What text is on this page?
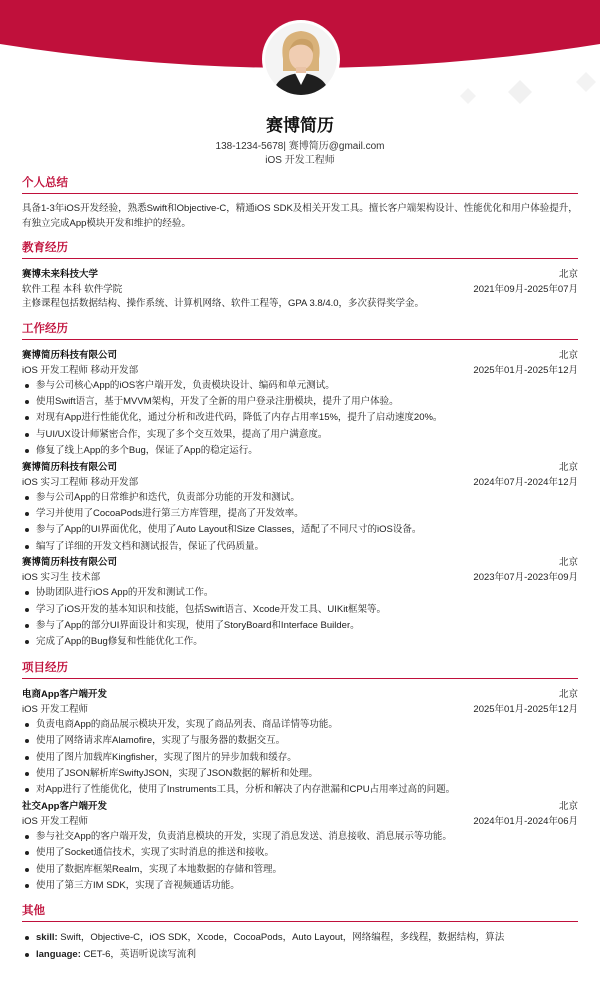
赛博简历
138-1234-5678| 赛博简历@gmail.com
iOS 开发工程师
个人总结

具备1-3年iOS开发经验，熟悉Swift和Objective-C，精通iOS SDK及相关开发工具。擅长客户端架构设计、性能优化和用户体验提升，有独立完成App模块开发和维护的经验。

教育经历
赛博未来科技大学	北京
软件工程 本科 软件学院	2021年09月-2025年07月

主修课程包括数据结构、操作系统、计算机网络、软件工程等，GPA 3.8/4.0，多次获得奖学金。

工作经历
赛博简历科技有限公司	北京
iOS 开发工程师 移动开发部	2025年01月-2025年12月
参与公司核心App的iOS客户端开发，负责模块设计、编码和单元测试。
使用Swift语言，基于MVVM架构，开发了全新的用户登录注册模块，提升了用户体验。
对现有App进行性能优化，通过分析和改进代码，降低了内存占用率15%，提升了启动速度20%。
与UI/UX设计师紧密合作，实现了多个交互效果，提高了用户满意度。
修复了线上App的多个Bug，保证了App的稳定运行。
赛博简历科技有限公司	北京
iOS 实习工程师 移动开发部	2024年07月-2024年12月
参与公司App的日常维护和迭代，负责部分功能的开发和测试。
学习并使用了CocoaPods进行第三方库管理，提高了开发效率。
参与了App的UI界面优化，使用了Auto Layout和Size Classes，适配了不同尺寸的iOS设备。
编写了详细的开发文档和测试报告，保证了代码质量。
赛博简历科技有限公司	北京
iOS 实习生 技术部	2023年07月-2023年09月
协助团队进行iOS App的开发和测试工作。
学习了iOS开发的基本知识和技能，包括Swift语言、Xcode开发工具、UIKit框架等。
参与了App的部分UI界面设计和实现，使用了StoryBoard和Interface Builder。
完成了App的Bug修复和性能优化工作。
项目经历
电商App客户端开发	北京
iOS 开发工程师	2025年01月-2025年12月
负责电商App的商品展示模块开发，实现了商品列表、商品详情等功能。
使用了网络请求库Alamofire，实现了与服务器的数据交互。
使用了图片加载库Kingfisher，实现了图片的异步加载和缓存。
使用了JSON解析库SwiftyJSON，实现了JSON数据的解析和处理。
对App进行了性能优化，使用了Instruments工具，分析和解决了内存泄漏和CPU占用率过高的问题。
社交App客户端开发	北京
iOS 开发工程师	2024年01月-2024年06月
参与社交App的客户端开发，负责消息模块的开发，实现了消息发送、消息接收、消息展示等功能。
使用了Socket通信技术，实现了实时消息的推送和接收。
使用了数据库框架Realm，实现了本地数据的存储和管理。
使用了第三方IM SDK，实现了音视频通话功能。
其他
skill: Swift，Objective-C，iOS SDK，Xcode，CocoaPods，Auto Layout，网络编程，多线程，数据结构，算法
language: CET-6，英语听说读写流利
